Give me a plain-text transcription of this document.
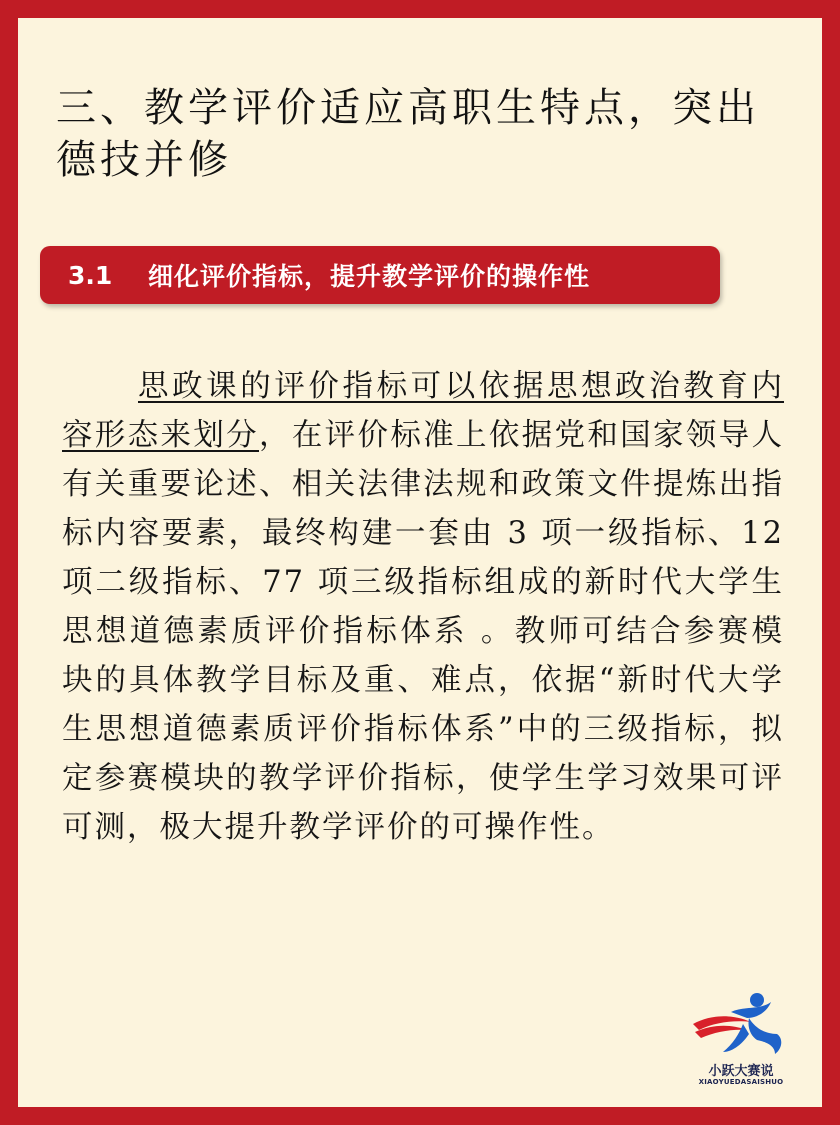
三、教学评价适应高职生特点，突出德技并修
3.1	细化评价指标，提升教学评价的操作性

思政课的评价指标可以依据思想政治教育内容形态来划分，在评价标准上依据党和国家领导人有关重要论述、相关法律法规和政策文件提炼出指标内容要素，最终构建一套由 3 项一级指标、12项二级指标、77 项三级指标组成的新时代大学生思想道德素质评价指标体系 。教师可结合参赛模块的具体教学目标及重、难点，依据“新时代大学生思想道德素质评价指标体系”中的三级指标，拟定参赛模块的教学评价指标，使学生学习效果可评可测，极大提升教学评价的可操作性。

小跃大赛说
XIAOYUEDASAISHUO
